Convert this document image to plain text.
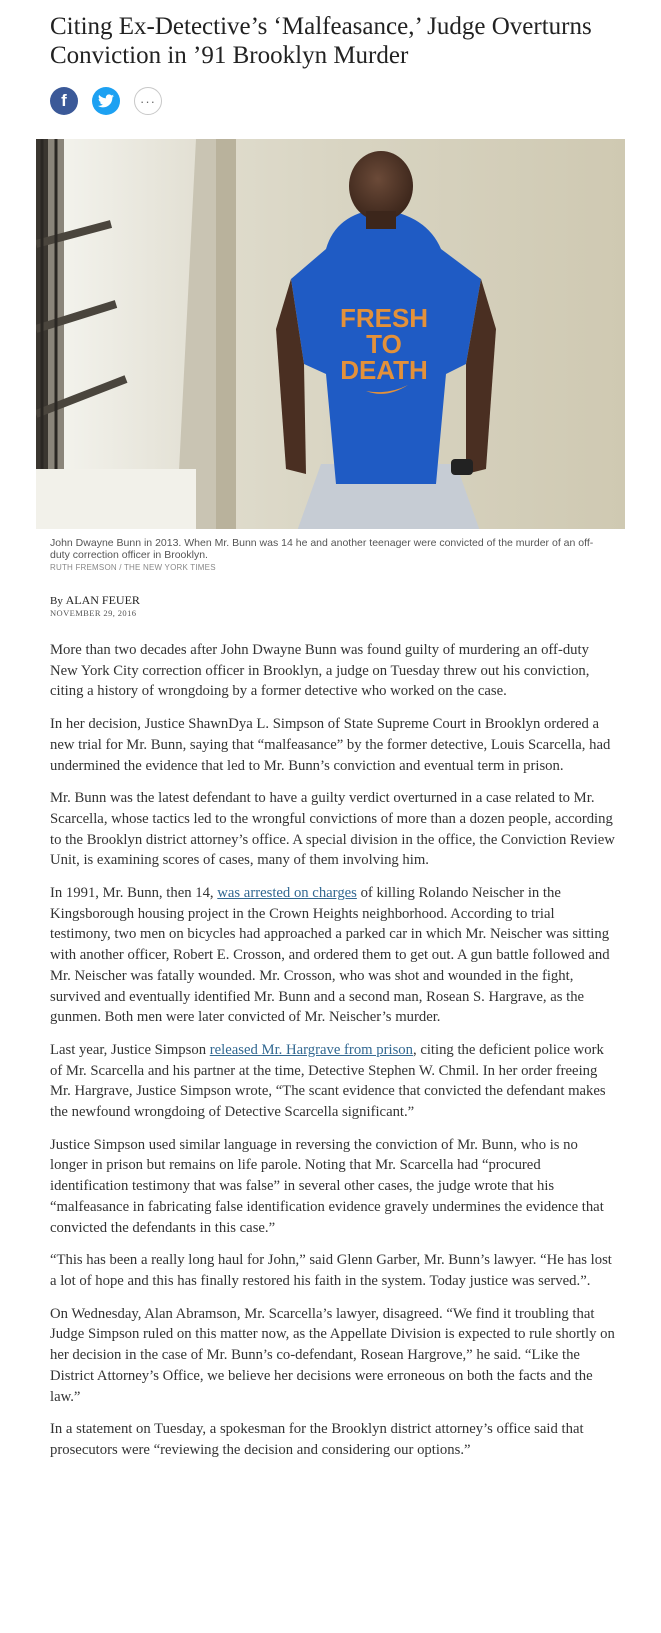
Citing Ex-Detective’s ‘Malfeasance,’ Judge Overturns Conviction in ’91 Brooklyn Murder
f	···
FRESH
TO
DEATH
John Dwayne Bunn in 2013. When Mr. Bunn was 14 he and another teenager were convicted of the murder of an off-duty correction officer in Brooklyn.
RUTH FREMSON / THE NEW YORK TIMES
By ALAN FEUER
NOVEMBER 29, 2016

More than two decades after John Dwayne Bunn was found guilty of murdering an off-duty New York City correction officer in Brooklyn, a judge on Tuesday threw out his conviction, citing a history of wrongdoing by a former detective who worked on the case.

In her decision, Justice ShawnDya L. Simpson of State Supreme Court in Brooklyn ordered a new trial for Mr. Bunn, saying that “malfeasance” by the former detective, Louis Scarcella, had undermined the evidence that led to Mr. Bunn’s conviction and eventual term in prison.

Mr. Bunn was the latest defendant to have a guilty verdict overturned in a case related to Mr. Scarcella, whose tactics led to the wrongful convictions of more than a dozen people, according to the Brooklyn district attorney’s office. A special division in the office, the Conviction Review Unit, is examining scores of cases, many of them involving him.

In 1991, Mr. Bunn, then 14, was arrested on charges of killing Rolando Neischer in the Kingsborough housing project in the Crown Heights neighborhood. According to trial testimony, two men on bicycles had approached a parked car in which Mr. Neischer was sitting with another officer, Robert E. Crosson, and ordered them to get out. A gun battle followed and Mr. Neischer was fatally wounded. Mr. Crosson, who was shot and wounded in the fight, survived and eventually identified Mr. Bunn and a second man, Rosean S. Hargrave, as the gunmen. Both men were later convicted of Mr. Neischer’s murder.

Last year, Justice Simpson released Mr. Hargrave from prison, citing the deficient police work of Mr. Scarcella and his partner at the time, Detective Stephen W. Chmil. In her order freeing Mr. Hargrave, Justice Simpson wrote, “The scant evidence that convicted the defendant makes the newfound wrongdoing of Detective Scarcella significant.”

Justice Simpson used similar language in reversing the conviction of Mr. Bunn, who is no longer in prison but remains on life parole. Noting that Mr. Scarcella had “procured identification testimony that was false” in several other cases, the judge wrote that his “malfeasance in fabricating false identification evidence gravely undermines the evidence that convicted the defendants in this case.”

“This has been a really long haul for John,” said Glenn Garber, Mr. Bunn’s lawyer. “He has lost a lot of hope and this has finally restored his faith in the system. Today justice was served.”.

On Wednesday, Alan Abramson, Mr. Scarcella’s lawyer, disagreed. “We find it troubling that Judge Simpson ruled on this matter now, as the Appellate Division is expected to rule shortly on her decision in the case of Mr. Bunn’s co-defendant, Rosean Hargrove,” he said. “Like the District Attorney’s Office, we believe her decisions were erroneous on both the facts and the law.”

In a statement on Tuesday, a spokesman for the Brooklyn district attorney’s office said that prosecutors were “reviewing the decision and considering our options.”
